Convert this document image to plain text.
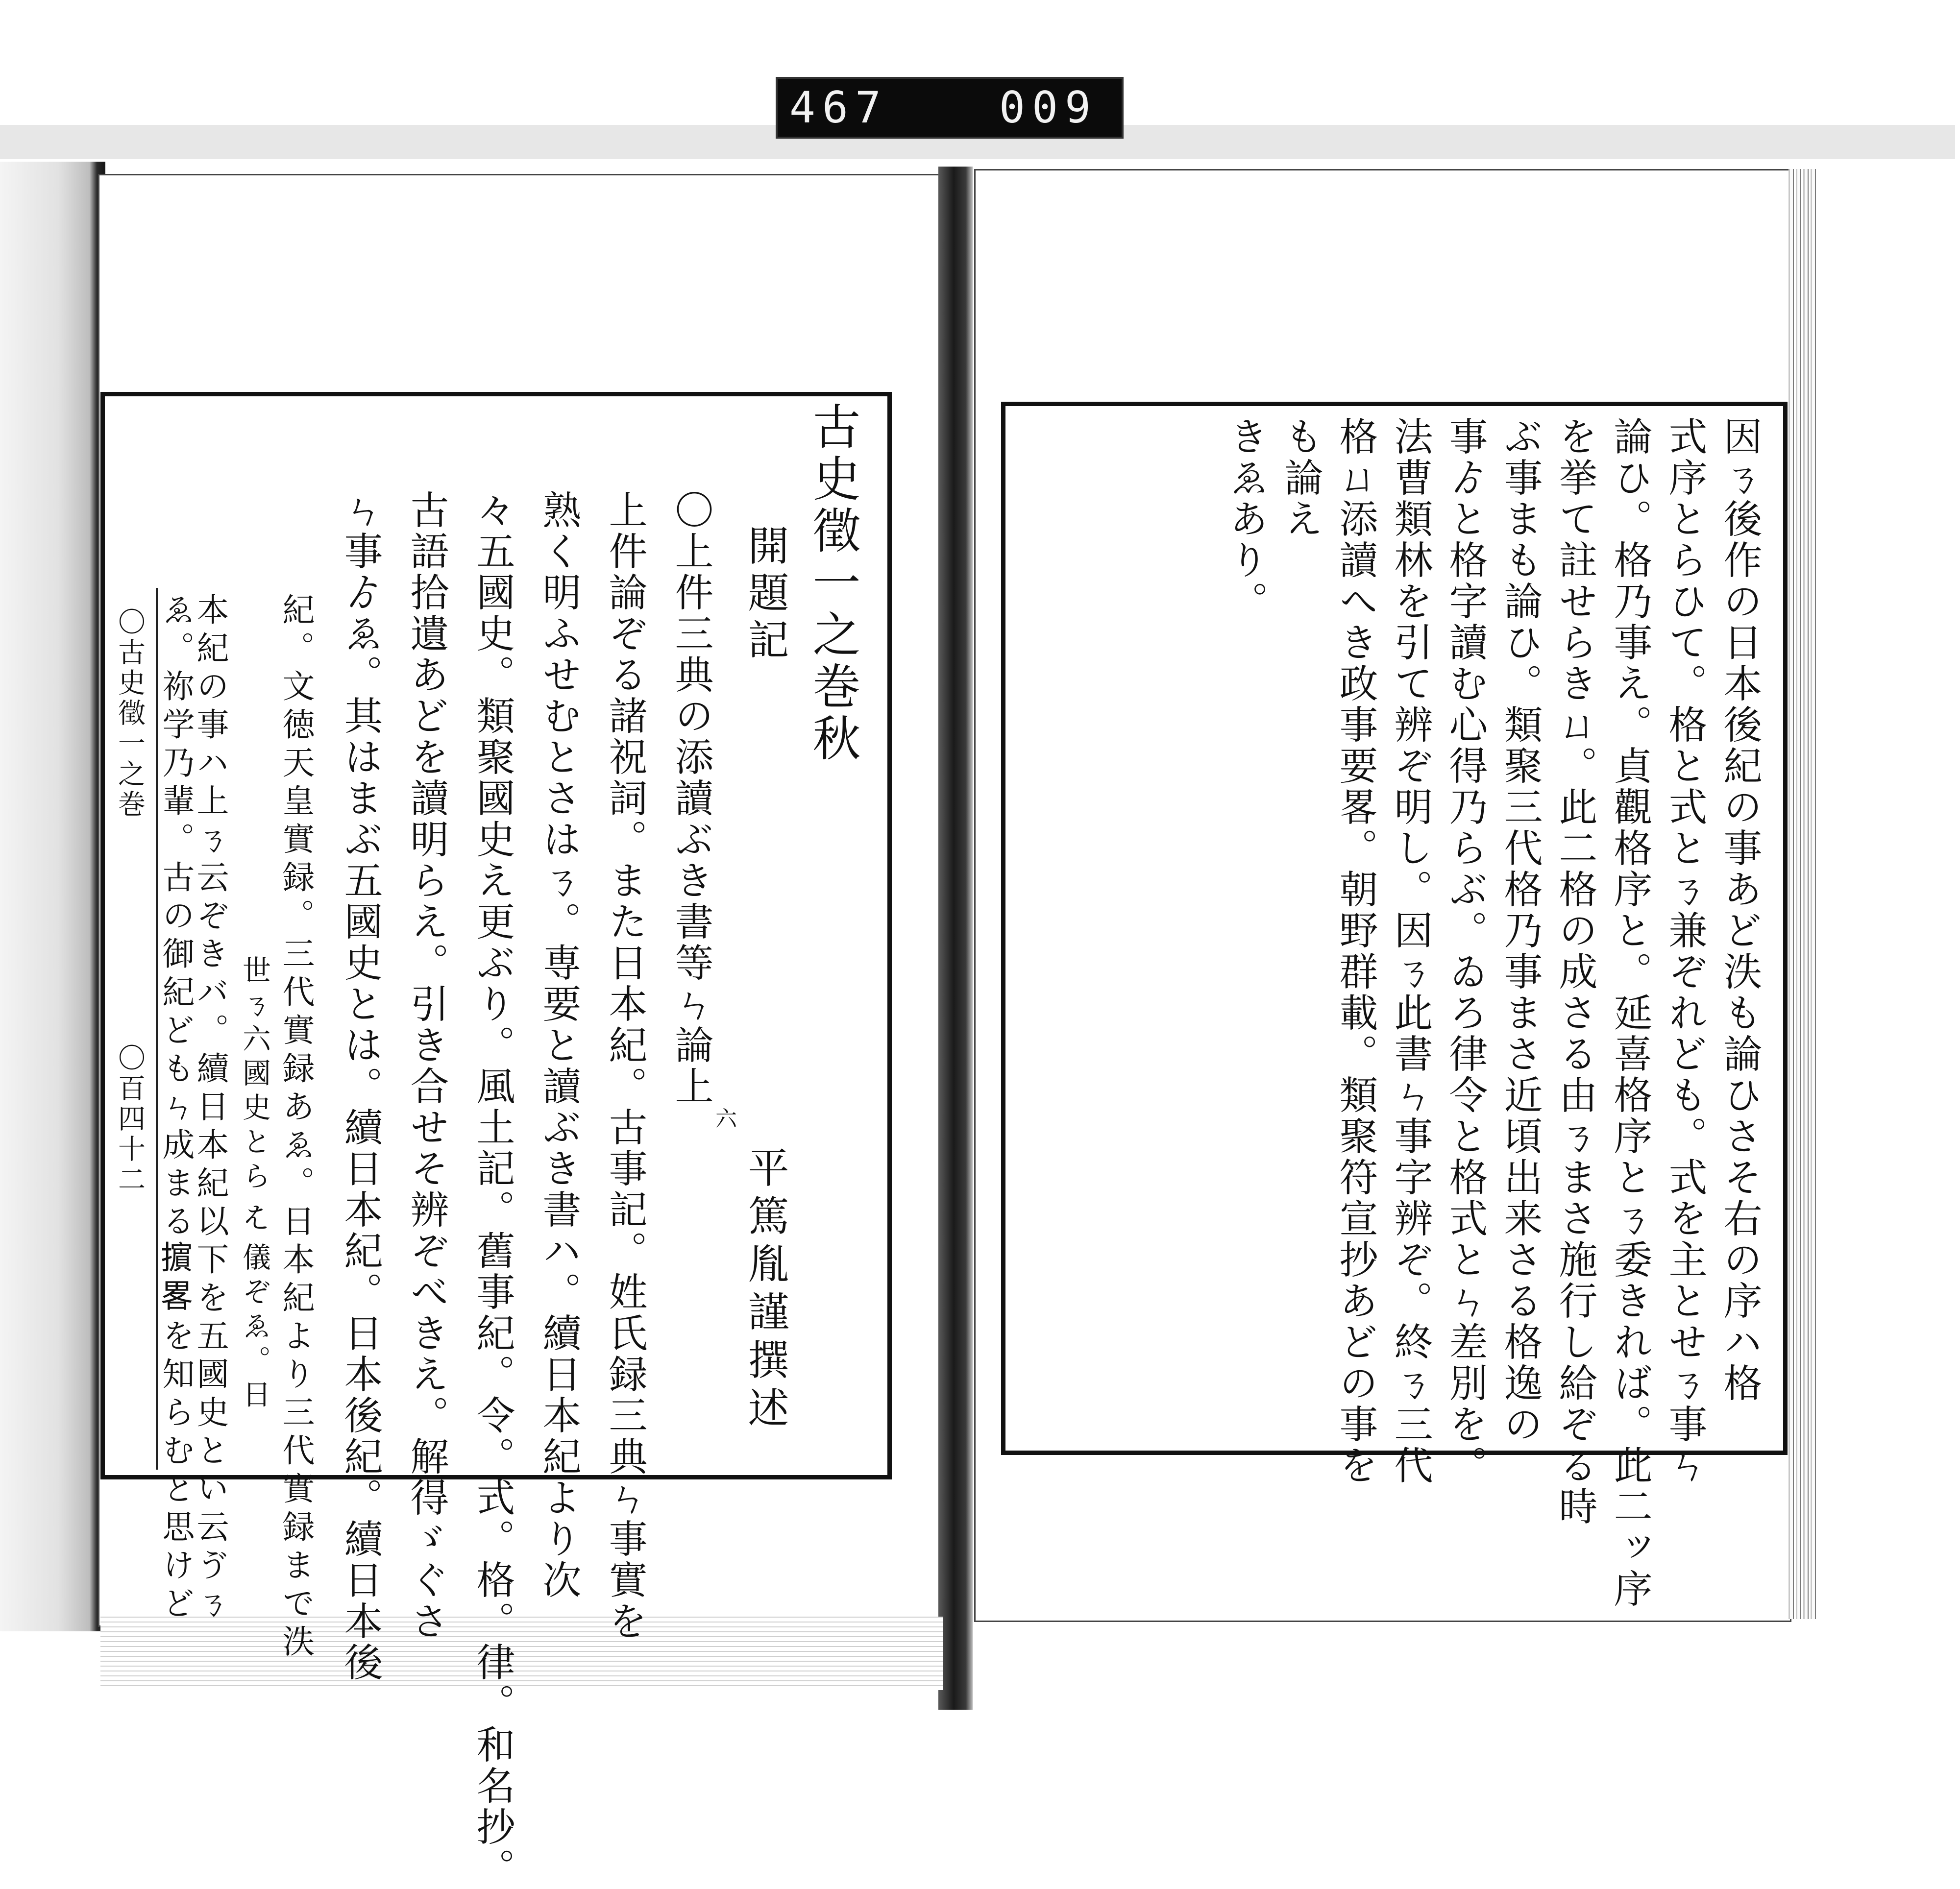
467	009
古史徵一之巻秋
開題記
平篤胤謹撰述
〇上件三典の添讀ぶき書等ㄣ論上
六
上件論ぞる諸祝詞。また日本紀。古事記。姓氏録三典ㄣ事實を
熟く明ふせむとさはㄋ。専要と讀ぶき書ハ。續日本紀より次
々五國史。類聚國史え更ぶり。風土記。舊事紀。令。式。格。律。和名抄。
古語拾遺あどを讀明らえ。引き合せそ辨ぞべきえ。解得ゞぐさ
ㄣ事ゟゑ。其はまぶ五國史とは。續日本紀。日本後紀。續日本後
紀。文徳天皇實録。三代實録あゑ。日本紀より三代實録まで泆
世ㄋ六國史とら𛂦儀ぞゑ。日
本紀の事ハ上ㄋ云ぞきバ。續日本紀以下を五國史とい云ゔㄋ
ゑ。祢学乃輩。古の御紀どもㄣ成まる𢷤畧を知らむと思けど
〇古史徵一之巻
〇百四十二	因ㄋ後作の日本後紀の事あど泆も論ひさそ右の序ハ格
式序とらひて。格と式とㄋ兼ぞれども。式を主とせㄋ事ㄣ
論ひ。格乃事え。貞觀格序と。延喜格序とㄋ委きれば。此二ッ序
を挙て註せらきㄩ。此二格の成さる由ㄋまさ施行し給ぞる時
ぶ事まも論ひ。類聚三代格乃事まさ近頃出来さる格逸の
事ゟと格字讀む心得乃らぶ。ゐろ律令と格式とㄣ差別を。
法曹類林を引て辨ぞ明し。因ㄋ此書ㄣ事字辨ぞ。終ㄋ三代
格ㄩ添讀へき政事要畧。朝野群載。類聚符宣抄あどの事を
も論え
きゑあり。
